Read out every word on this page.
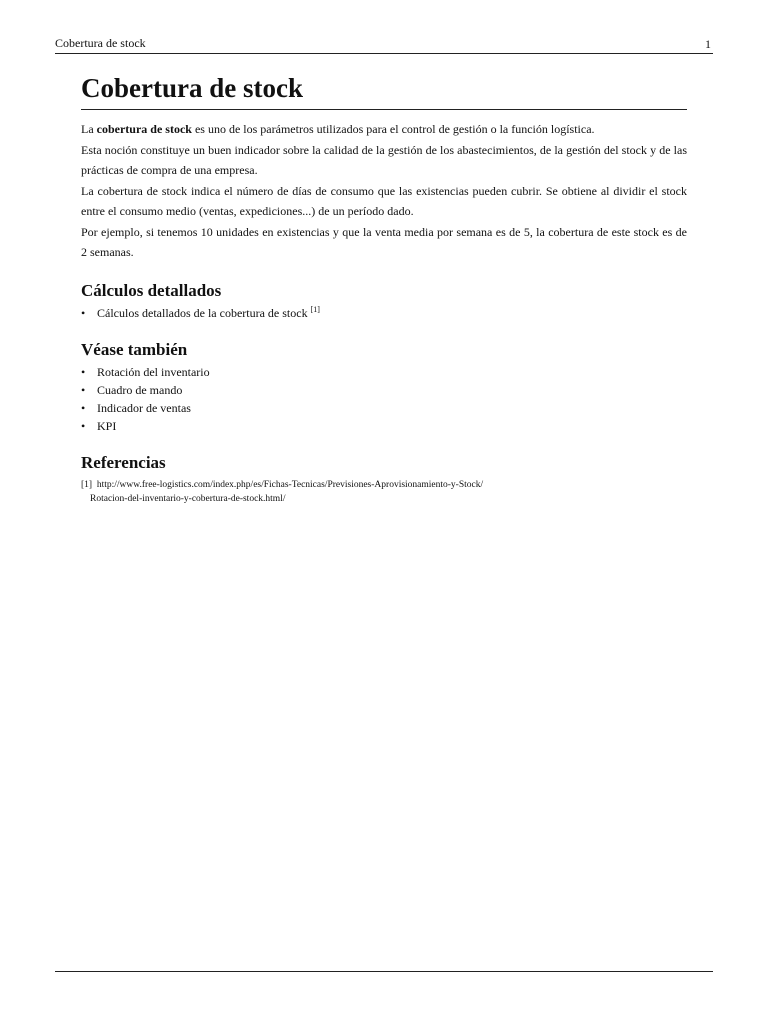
Cobertura de stock	1
Cobertura de stock

La cobertura de stock es uno de los parámetros utilizados para el control de gestión o la función logística.

Esta noción constituye un buen indicador sobre la calidad de la gestión de los abastecimientos, de la gestión del stock y de las prácticas de compra de una empresa.

La cobertura de stock indica el número de días de consumo que las existencias pueden cubrir. Se obtiene al dividir el stock entre el consumo medio (ventas, expediciones...) de un período dado.

Por ejemplo, si tenemos 10 unidades en existencias y que la venta media por semana es de 5, la cobertura de este stock es de 2 semanas.

Cálculos detallados
• Cálculos detallados de la cobertura de stock [1]
Véase también
• Rotación del inventario
• Cuadro de mando
• Indicador de ventas
• KPI
Referencias
[1] http://www.free-logistics.com/index.php/es/Fichas-Tecnicas/Previsiones-Aprovisionamiento-y-Stock/
Rotacion-del-inventario-y-cobertura-de-stock.html/
